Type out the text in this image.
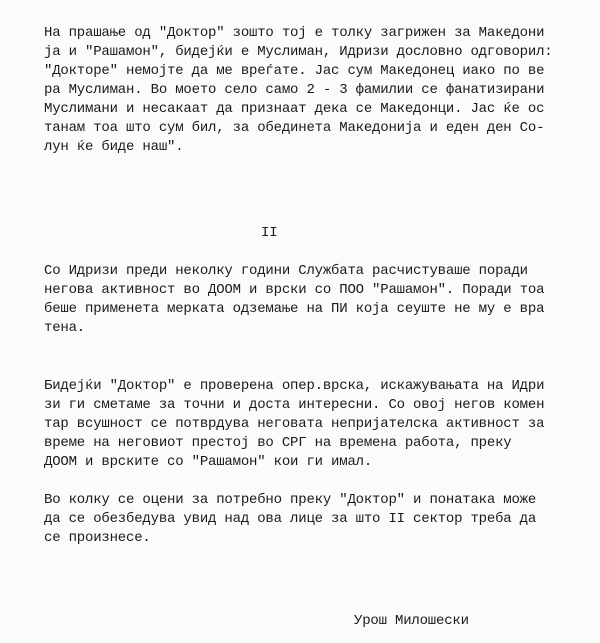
На прашање од "Доктор" зошто тој е толку загрижен за Македони
ја и "Рашамон", бидејќи е Муслиман, Идризи дословно одговорил:
"Докторе" немојте да ме вреѓате. Јас сум Македонец иако по ве
ра Муслиман. Во моето село само 2 - 3 фамилии се фанатизирани
Муслимани и несакаат да признаат дека се Македонци. Јас ќе ос
танам тоа што сум бил, за обединета Македонија и еден ден Со-
лун ќе биде наш".
II
Со Идризи преди неколку години Службата расчистуваше поради
негова активност во ДООМ и врски со ПОО "Рашамон". Поради тоа
беше применета мерката одземање на ПИ која сеуште не му е вра
тена.
Бидејќи "Доктор" е проверена опер.врска, искажувањата на Идри
зи ги сметаме за точни и доста интересни. Со овој негов комен
тар всушност се потврдува неговата непријателска активност за
време на неговиот престој во СРГ на времена работа, преку
ДООМ и врските со "Рашамон" кои ги имал.
Во колку се оцени за потребно преку "Доктор" и понатака може
да се обезбедува увид над ова лице за што II сектор треба да
се произнесе.
Урош Милошески
